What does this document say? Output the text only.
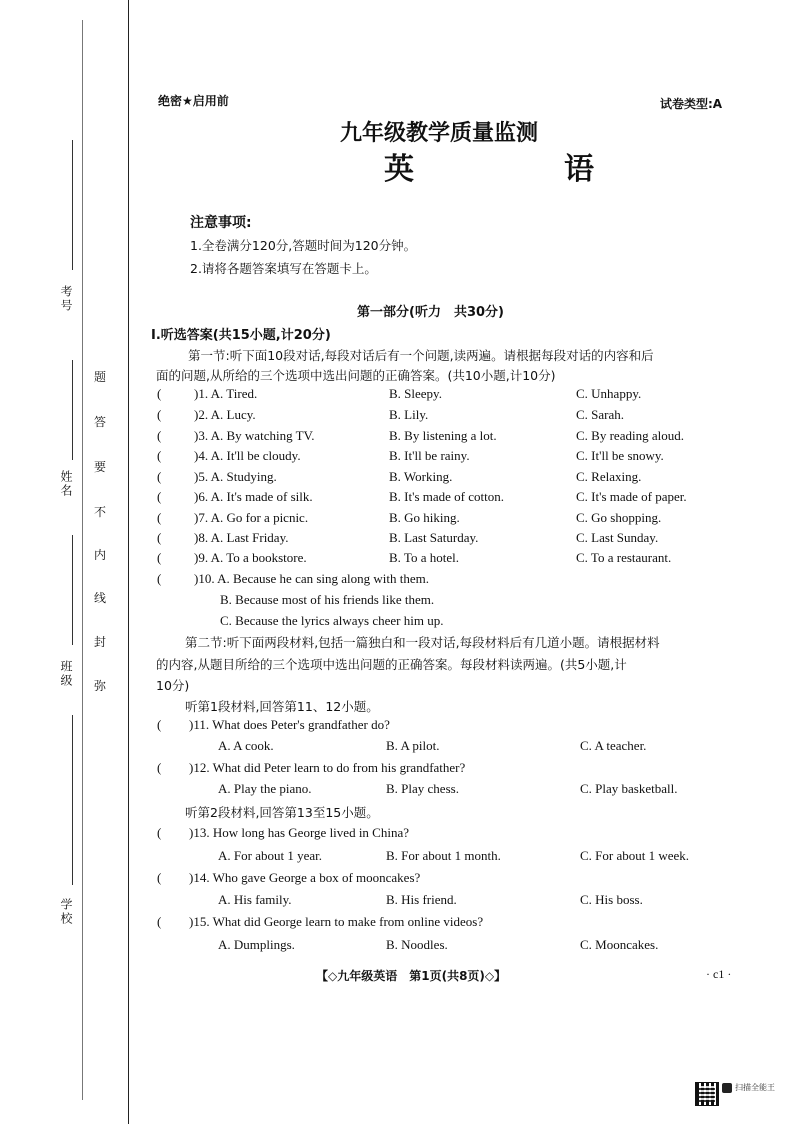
考号
姓名
班级
学校
题
答
要
不
内
线
封
弥
绝密★启用前	试卷类型:A
九年级教学质量监测
英　语
注意事项:
1.全卷满分120分,答题时间为120分钟。
2.请将各题答案填写在答题卡上。
第一部分(听力　共30分)
Ⅰ.听选答案(共15小题,计20分)
第一节:听下面10段对话,每段对话后有一个问题,读两遍。请根据每段对话的内容和后
面的问题,从所给的三个选项中选出问题的正确答案。(共10小题,计10分)
(	)1. A. Tired.	B. Sleepy.	C. Unhappy.
(	)2. A. Lucy.	B. Lily.	C. Sarah.
(	)3. A. By watching TV.	B. By listening a lot.	C. By reading aloud.
(	)4. A. It'll be cloudy.	B. It'll be rainy.	C. It'll be snowy.
(	)5. A. Studying.	B. Working.	C. Relaxing.
(	)6. A. It's made of silk.	B. It's made of cotton.	C. It's made of paper.
(	)7. A. Go for a picnic.	B. Go hiking.	C. Go shopping.
(	)8. A. Last Friday.	B. Last Saturday.	C. Last Sunday.
(	)9. A. To a bookstore.	B. To a hotel.	C. To a restaurant.
(	)10. A. Because he can sing along with them.
B. Because most of his friends like them.
C. Because the lyrics always cheer him up.
第二节:听下面两段材料,包括一篇独白和一段对话,每段材料后有几道小题。请根据材料
的内容,从题目所给的三个选项中选出问题的正确答案。每段材料读两遍。(共5小题,计
10分)
听第1段材料,回答第11、12小题。
( )11. What does Peter's grandfather do?
A. A cook.	B. A pilot.	C. A teacher.
( )12. What did Peter learn to do from his grandfather?
A. Play the piano.	B. Play chess.	C. Play basketball.
听第2段材料,回答第13至15小题。
( )13. How long has George lived in China?
A. For about 1 year.	B. For about 1 month.	C. For about 1 week.
( )14. Who gave George a box of mooncakes?
A. His family.	B. His friend.	C. His boss.
( )15. What did George learn to make from online videos?
A. Dumplings.	B. Noodles.	C. Mooncakes.
【◇九年级英语　第1页(共8页)◇】	· c1 ·
扫描全能王
